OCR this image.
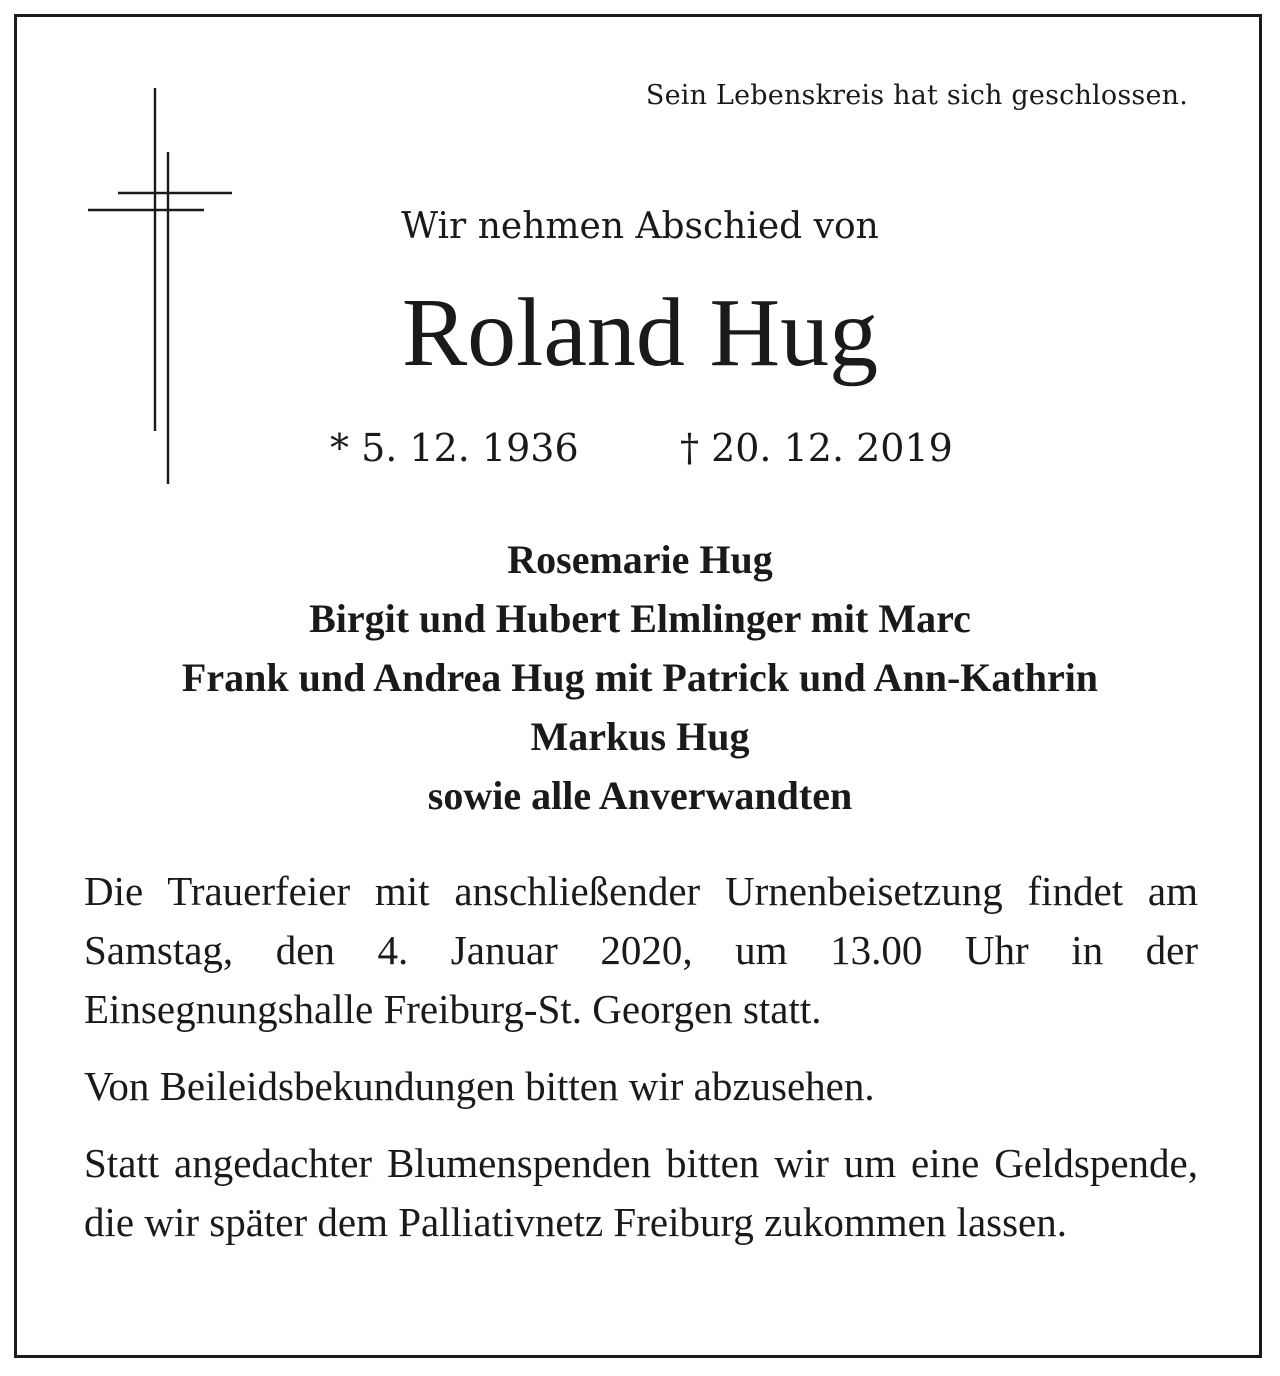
Sein Lebenskreis hat sich geschlossen.
Wir nehmen Abschied von
Roland Hug
* 5. 12. 1936	† 20. 12. 2019
Rosemarie Hug
Birgit und Hubert Elmlinger mit Marc
Frank und Andrea Hug mit Patrick und Ann-Kathrin
Markus Hug
sowie alle Anverwandten

Die Trauerfeier mit anschließender Urnenbeisetzung findet am Samstag, den 4. Januar 2020, um 13.00 Uhr in der Einsegnungshalle Freiburg-St. Georgen statt.

Von Beileidsbekundungen bitten wir abzusehen.

Statt angedachter Blumenspenden bitten wir um eine Geldspende, die wir später dem Palliativnetz Freiburg zukommen lassen.
